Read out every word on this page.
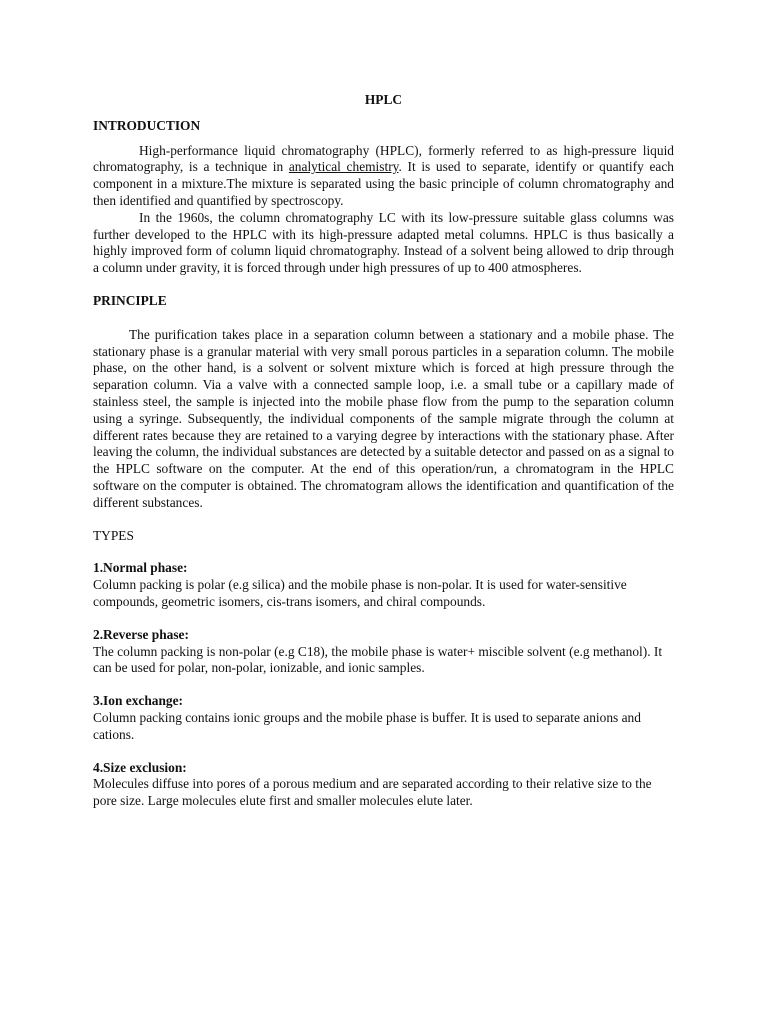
HPLC
INTRODUCTION

High-performance liquid chromatography (HPLC), formerly referred to as high-pressure liquid chromatography, is a technique in analytical chemistry. It is used to separate, identify or quantify each component in a mixture.The mixture is separated using the basic principle of column chromatography and then identified and quantified by spectroscopy.

In the 1960s, the column chromatography LC with its low-pressure suitable glass columns was further developed to the HPLC with its high-pressure adapted metal columns. HPLC is thus basically a highly improved form of column liquid chromatography. Instead of a solvent being allowed to drip through a column under gravity, it is forced through under high pressures of up to 400 atmospheres.

PRINCIPLE

The purification takes place in a separation column between a stationary and a mobile phase. The stationary phase is a granular material with very small porous particles in a separation column. The mobile phase, on the other hand, is a solvent or solvent mixture which is forced at high pressure through the separation column. Via a valve with a connected sample loop, i.e. a small tube or a capillary made of stainless steel, the sample is injected into the mobile phase flow from the pump to the separation column using a syringe. Subsequently, the individual components of the sample migrate through the column at different rates because they are retained to a varying degree by interactions with the stationary phase. After leaving the column, the individual substances are detected by a suitable detector and passed on as a signal to the HPLC software on the computer. At the end of this operation/run, a chromatogram in the HPLC software on the computer is obtained. The chromatogram allows the identification and quantification of the different substances.

TYPES

1.Normal phase:

Column packing is polar (e.g silica) and the mobile phase is non-polar. It is used for water-sensitive compounds, geometric isomers, cis-trans isomers, and chiral compounds.

2.Reverse phase:

The column packing is non-polar (e.g C18), the mobile phase is water+ miscible solvent (e.g methanol). It can be used for polar, non-polar, ionizable, and ionic samples.

3.Ion exchange:

Column packing contains ionic groups and the mobile phase is buffer. It is used to separate anions and cations.

4.Size exclusion:

Molecules diffuse into pores of a porous medium and are separated according to their relative size to the pore size. Large molecules elute first and smaller molecules elute later.
